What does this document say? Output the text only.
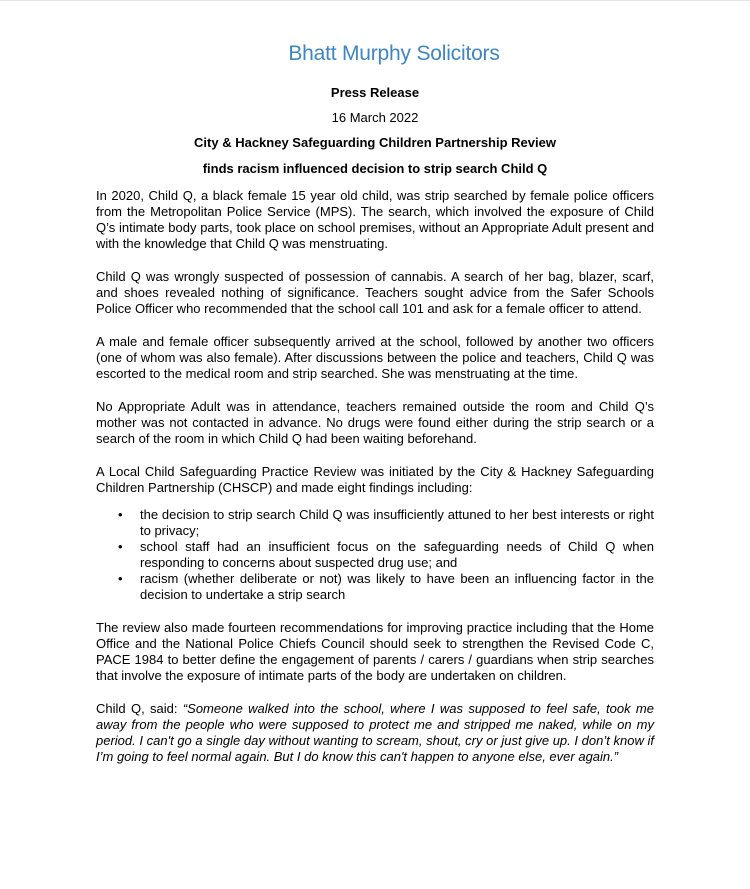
Bhatt Murphy Solicitors
Press Release
16 March 2022
City & Hackney Safeguarding Children Partnership Review
finds racism influenced decision to strip search Child Q

In 2020, Child Q, a black female 15 year old child, was strip searched by female police officers from the Metropolitan Police Service (MPS). The search, which involved the exposure of Child Q’s intimate body parts, took place on school premises, without an Appropriate Adult present and with the knowledge that Child Q was menstruating.

Child Q was wrongly suspected of possession of cannabis. A search of her bag, blazer, scarf, and shoes revealed nothing of significance. Teachers sought advice from the Safer Schools Police Officer who recommended that the school call 101 and ask for a female officer to attend.

A male and female officer subsequently arrived at the school, followed by another two officers (one of whom was also female). After discussions between the police and teachers, Child Q was escorted to the medical room and strip searched. She was menstruating at the time.

No Appropriate Adult was in attendance, teachers remained outside the room and Child Q’s mother was not contacted in advance. No drugs were found either during the strip search or a search of the room in which Child Q had been waiting beforehand.

A Local Child Safeguarding Practice Review was initiated by the City & Hackney Safeguarding Children Partnership (CHSCP) and made eight findings including:

• the decision to strip search Child Q was insufficiently attuned to her best interests or right to privacy;
• school staff had an insufficient focus on the safeguarding needs of Child Q when responding to concerns about suspected drug use; and
• racism (whether deliberate or not) was likely to have been an influencing factor in the decision to undertake a strip search

The review also made fourteen recommendations for improving practice including that the Home Office and the National Police Chiefs Council should seek to strengthen the Revised Code C, PACE 1984 to better define the engagement of parents / carers / guardians when strip searches that involve the exposure of intimate parts of the body are undertaken on children.

Child Q, said: “Someone walked into the school, where I was supposed to feel safe, took me away from the people who were supposed to protect me and stripped me naked, while on my period. I can't go a single day without wanting to scream, shout, cry or just give up. I don’t know if I’m going to feel normal again. But I do know this can't happen to anyone else, ever again.”
